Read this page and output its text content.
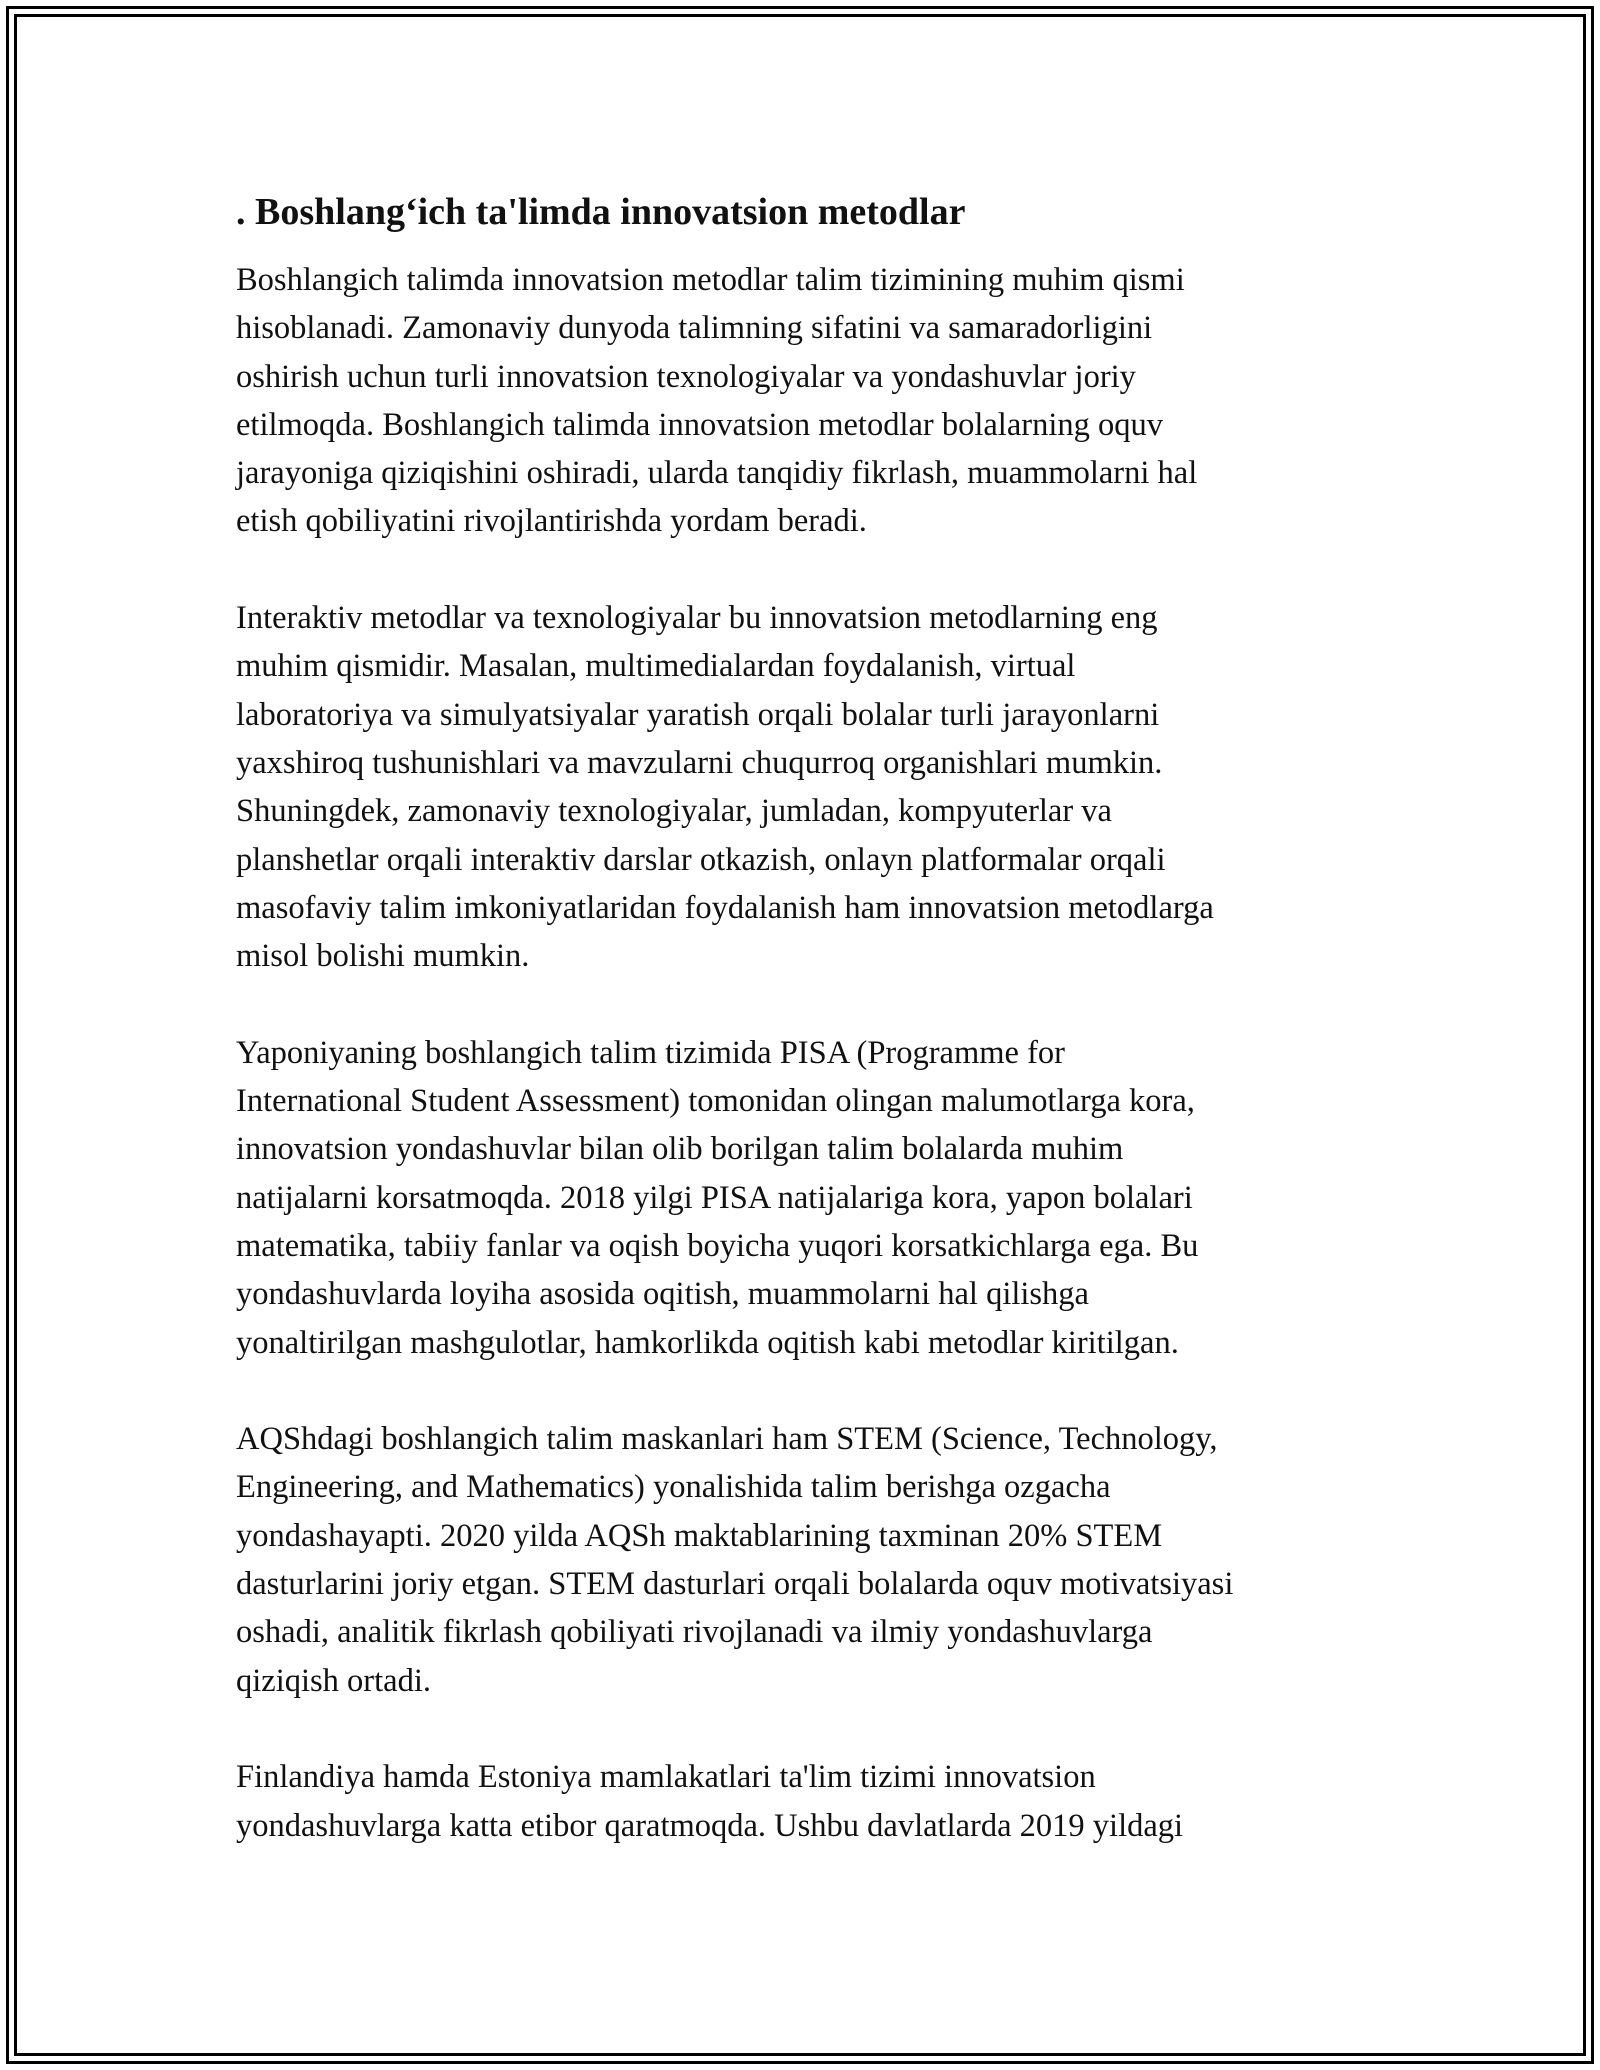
. Boshlang‘ich ta'limda innovatsion metodlar

Boshlangich talimda innovatsion metodlar talim tizimining muhim qismi
hisoblanadi. Zamonaviy dunyoda talimning sifatini va samaradorligini
oshirish uchun turli innovatsion texnologiyalar va yondashuvlar joriy
etilmoqda. Boshlangich talimda innovatsion metodlar bolalarning oquv
jarayoniga qiziqishini oshiradi, ularda tanqidiy fikrlash, muammolarni hal
etish qobiliyatini rivojlantirishda yordam beradi.

Interaktiv metodlar va texnologiyalar bu innovatsion metodlarning eng
muhim qismidir. Masalan, multimedialardan foydalanish, virtual
laboratoriya va simulyatsiyalar yaratish orqali bolalar turli jarayonlarni
yaxshiroq tushunishlari va mavzularni chuqurroq organishlari mumkin.
Shuningdek, zamonaviy texnologiyalar, jumladan, kompyuterlar va
planshetlar orqali interaktiv darslar otkazish, onlayn platformalar orqali
masofaviy talim imkoniyatlaridan foydalanish ham innovatsion metodlarga
misol bolishi mumkin.

Yaponiyaning boshlangich talim tizimida PISA (Programme for
International Student Assessment) tomonidan olingan malumotlarga kora,
innovatsion yondashuvlar bilan olib borilgan talim bolalarda muhim
natijalarni korsatmoqda. 2018 yilgi PISA natijalariga kora, yapon bolalari
matematika, tabiiy fanlar va oqish boyicha yuqori korsatkichlarga ega. Bu
yondashuvlarda loyiha asosida oqitish, muammolarni hal qilishga
yonaltirilgan mashgulotlar, hamkorlikda oqitish kabi metodlar kiritilgan.

AQShdagi boshlangich talim maskanlari ham STEM (Science, Technology,
Engineering, and Mathematics) yonalishida talim berishga ozgacha
yondashayapti. 2020 yilda AQSh maktablarining taxminan 20% STEM
dasturlarini joriy etgan. STEM dasturlari orqali bolalarda oquv motivatsiyasi
oshadi, analitik fikrlash qobiliyati rivojlanadi va ilmiy yondashuvlarga
qiziqish ortadi.

Finlandiya hamda Estoniya mamlakatlari ta'lim tizimi innovatsion
yondashuvlarga katta etibor qaratmoqda. Ushbu davlatlarda 2019 yildagi
